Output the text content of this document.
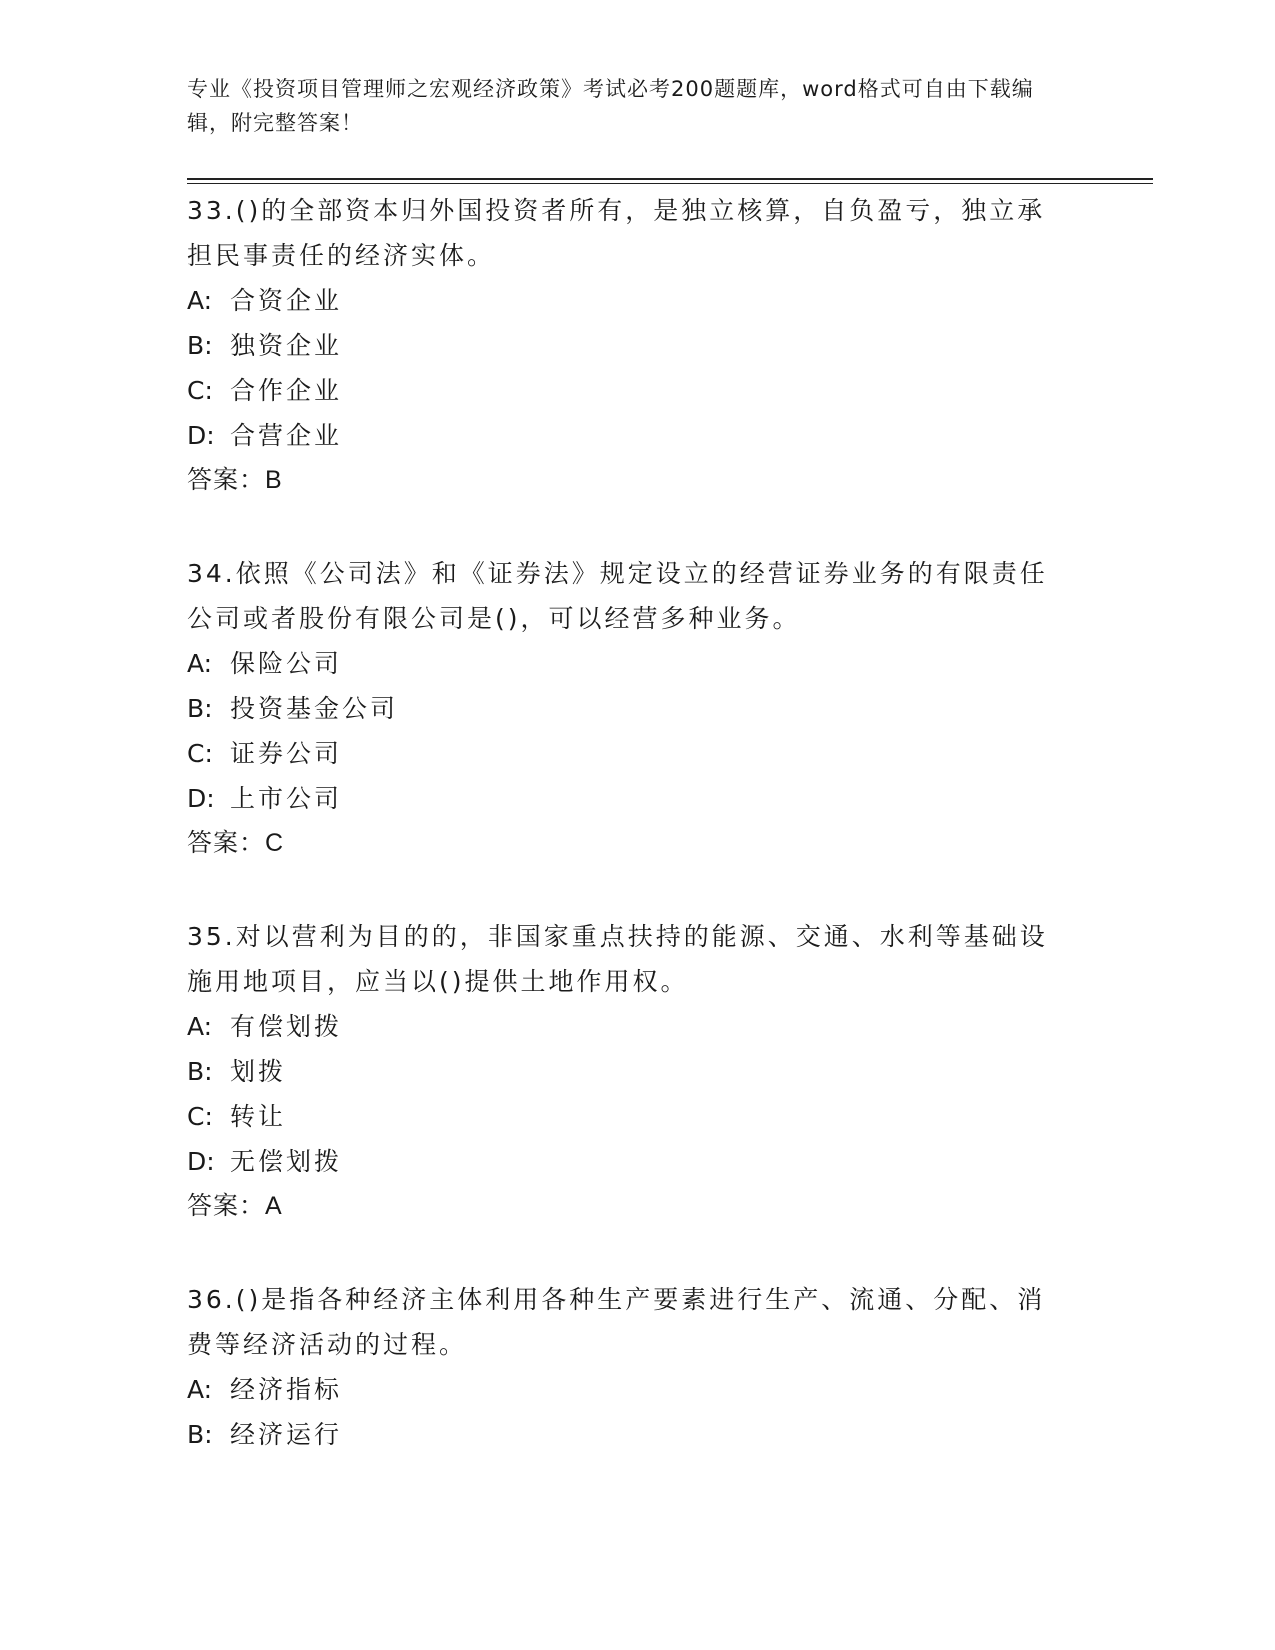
专业《投资项目管理师之宏观经济政策》考试必考200题题库，word格式可自由下载编辑，附完整答案！

33.()的全部资本归外国投资者所有，是独立核算，自负盈亏，独立承担民事责任的经济实体。

A: 合资企业

B: 独资企业

C: 合作企业

D: 合营企业

答案：B

34.依照《公司法》和《证券法》规定设立的经营证券业务的有限责任公司或者股份有限公司是()，可以经营多种业务。

A: 保险公司

B: 投资基金公司

C: 证券公司

D: 上市公司

答案：C

35.对以营利为目的的，非国家重点扶持的能源、交通、水利等基础设施用地项目，应当以()提供土地作用权。

A: 有偿划拨

B: 划拨

C: 转让

D: 无偿划拨

答案：A

36.()是指各种经济主体利用各种生产要素进行生产、流通、分配、消费等经济活动的过程。

A: 经济指标

B: 经济运行
